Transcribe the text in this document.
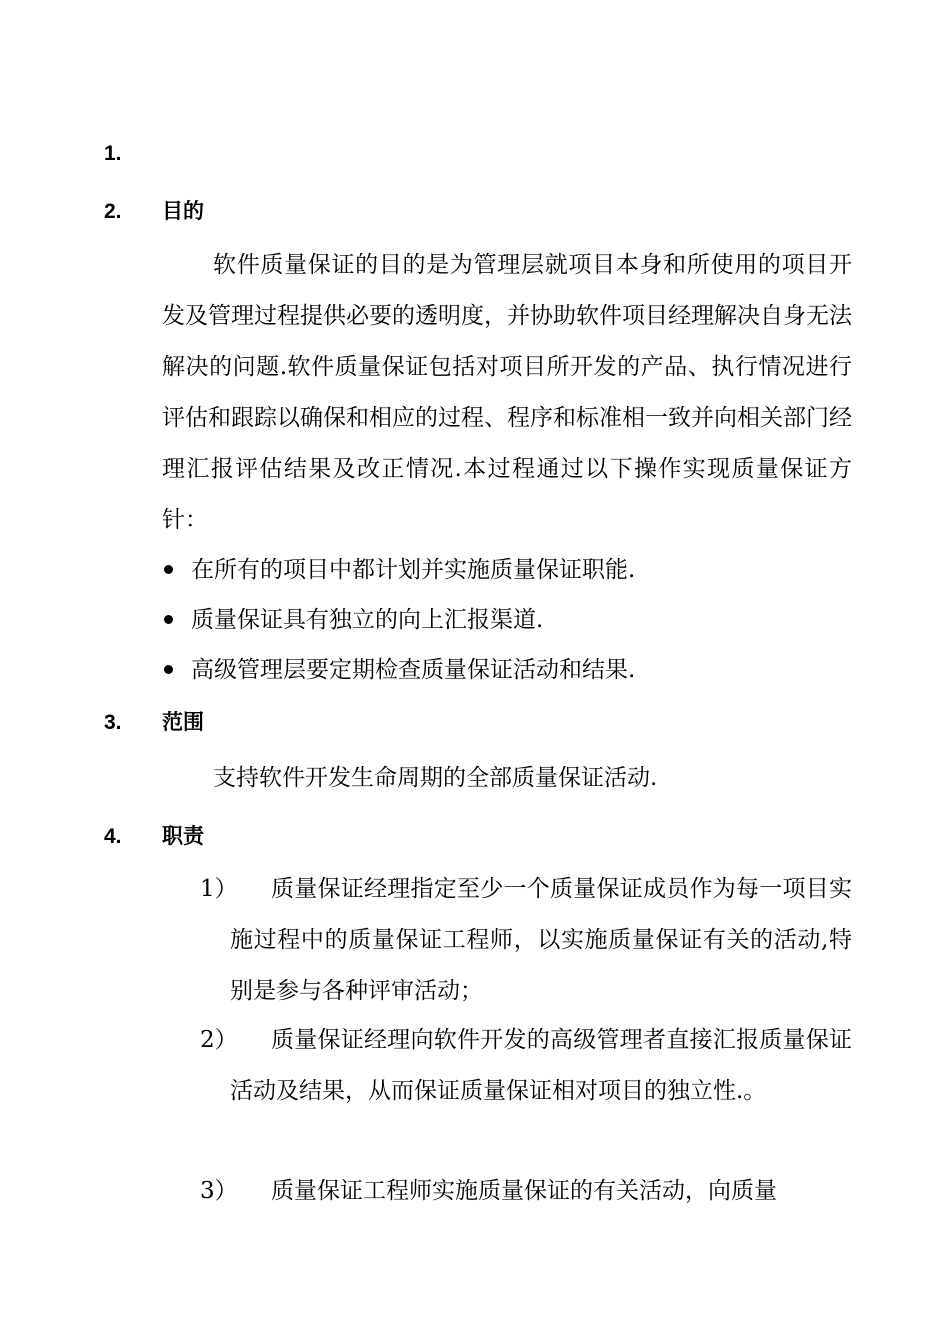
1.
2. 目的

软件质量保证的目的是为管理层就项目本身和所使用的项目开发及管理过程提供必要的透明度，并协助软件项目经理解决自身无法解决的问题.软件质量保证包括对项目所开发的产品、执行情况进行评估和跟踪以确保和相应的过程、程序和标准相一致并向相关部门经理汇报评估结果及改正情况.本过程通过以下操作实现质量保证方针：

在所有的项目中都计划并实施质量保证职能.
质量保证具有独立的向上汇报渠道.
高级管理层要定期检查质量保证活动和结果.
3. 范围
支持软件开发生命周期的全部质量保证活动.
4. 职责
1）	质量保证经理指定至少一个质量保证成员作为每一项目实施过程中的质量保证工程师，以实施质量保证有关的活动,特别是参与各种评审活动；
2）	质量保证经理向软件开发的高级管理者直接汇报质量保证活动及结果，从而保证质量保证相对项目的独立性.。
3）	质量保证工程师实施质量保证的有关活动，向质量
